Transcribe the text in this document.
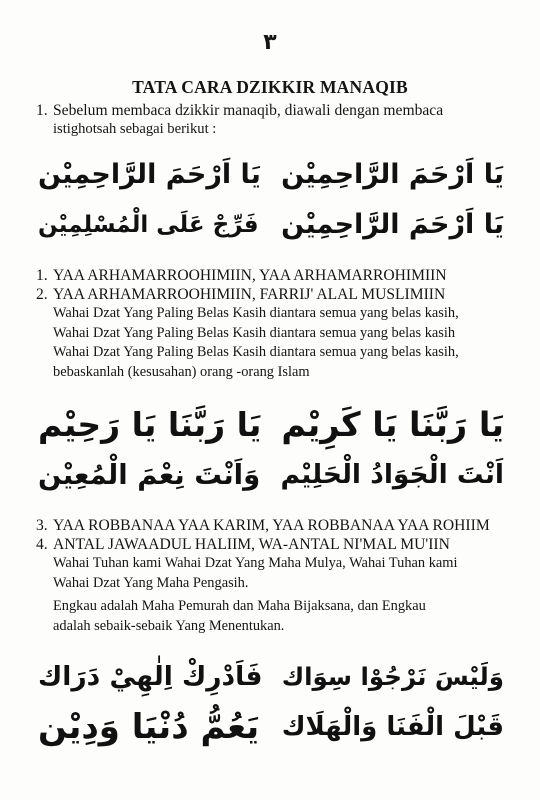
٣
TATA CARA DZIKKIR MANAQIB
1. Sebelum membaca dzikkir manaqib, diawali dengan membaca
istighotsah sebagai berikut :
يَا اَرْحَمَ الرَّاحِمِيْن
يَا اَرْحَمَ الرَّاحِمِيْن
يَا اَرْحَمَ الرَّاحِمِيْن
فَرِّجْ عَلَى الْمُسْلِمِيْن
1. YAA ARHAMARROOHIMIIN, YAA ARHAMARROHIMIIN
2. YAA ARHAMARROOHIMIIN, FARRIJ' ALAL MUSLIMIIN
Wahai Dzat Yang Paling Belas Kasih diantara semua yang belas kasih,
Wahai Dzat Yang Paling Belas Kasih diantara semua yang belas kasih
Wahai Dzat Yang Paling Belas Kasih diantara semua yang belas kasih,
bebaskanlah (kesusahan) orang -orang Islam
يَا رَبَّنَا يَا كَرِيْم
يَا رَبَّنَا يَا رَحِيْم
اَنْتَ الْجَوَادُ الْحَلِيْم
وَاَنْتَ نِعْمَ الْمُعِيْن
3. YAA ROBBANAA YAA KARIM, YAA ROBBANAA YAA ROHIIM
4. ANTAL JAWAADUL HALIIM, WA-ANTAL NI'MAL MU'IIN
Wahai Tuhan kami Wahai Dzat Yang Maha Mulya, Wahai Tuhan kami
Wahai Dzat Yang Maha Pengasih.
Engkau adalah Maha Pemurah dan Maha Bijaksana, dan Engkau
adalah sebaik-sebaik Yang Menentukan.
وَلَيْسَ نَرْجُوْا سِوَاك
فَاَدْرِكْ اِلٰهِيْ دَرَاك
قَبْلَ الْفَنَا وَالْهَلَاك
يَعُمُّ دُنْيَا وَدِيْن
